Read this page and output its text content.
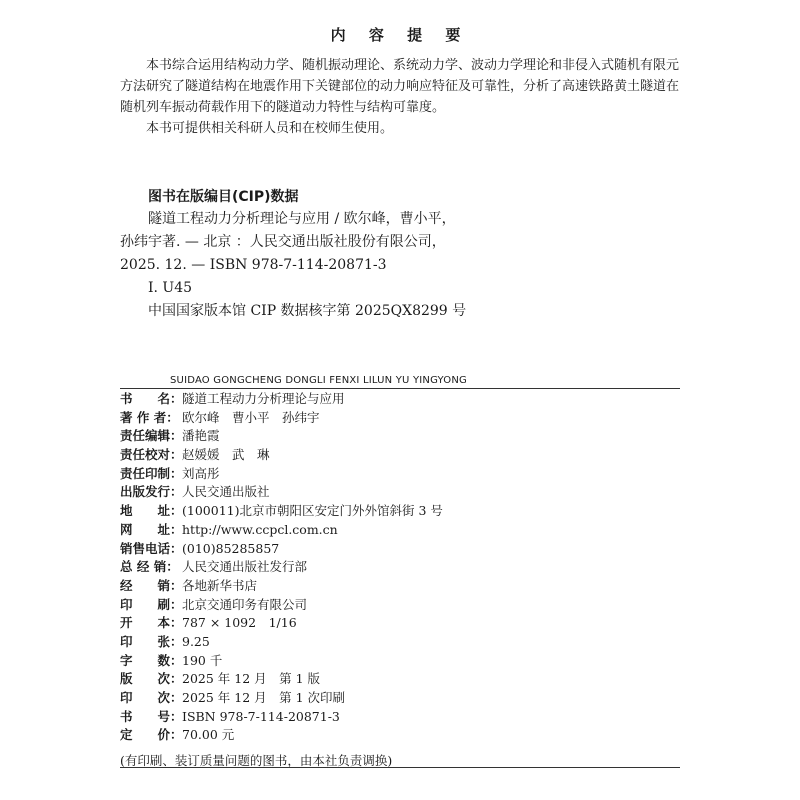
内 容 提 要
本书综合运用结构动力学、随机振动理论、系统动力学、波动力学理论和非侵入式随机有限元方法研究了隧道结构在地震作用下关键部位的动力响应特征及可靠性，分析了高速铁路黄土隧道在随机列车振动荷载作用下的隧道动力特性与结构可靠度。
本书可提供相关科研人员和在校师生使用。
图书在版编目(CIP)数据
隧道工程动力分析理论与应用 / 欧尔峰，曹小平，
孙纬宇著. — 北京 ：人民交通出版社股份有限公司，
2025. 12. — ISBN 978-7-114-20871-3
Ⅰ. U45
中国国家版本馆 CIP 数据核字第 2025QX8299 号
SUIDAO GONGCHENG DONGLI FENXI LILUN YU YINGYONG
书　　名： 隧道工程动力分析理论与应用
著 作 者： 欧尔峰　曹小平　孙纬宇
责任编辑： 潘艳霞
责任校对： 赵媛媛　武　琳
责任印制： 刘高彤
出版发行： 人民交通出版社
地　　址： (100011)北京市朝阳区安定门外外馆斜街 3 号
网　　址： http://www.ccpcl.com.cn
销售电话： (010)85285857
总 经 销： 人民交通出版社发行部
经　　销： 各地新华书店
印　　刷： 北京交通印务有限公司
开　　本： 787 × 1092　1/16
印　　张： 9.25
字　　数： 190 千
版　　次： 2025 年 12 月　第 1 版
印　　次： 2025 年 12 月　第 1 次印刷
书　　号： ISBN 978-7-114-20871-3
定　　价： 70.00 元
(有印刷、装订质量问题的图书，由本社负责调换)
